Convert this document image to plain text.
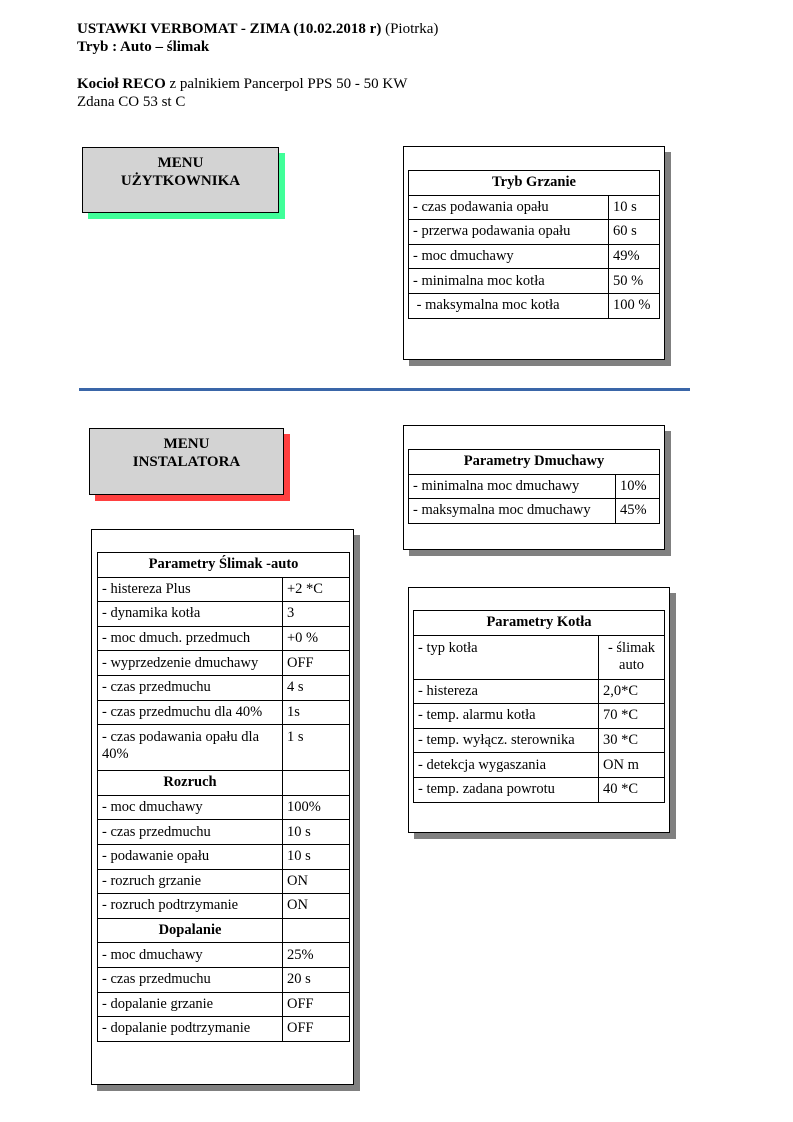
USTAWKI VERBOMAT - ZIMA (10.02.2018 r) (Piotrka)
Tryb : Auto – ślimak
Kocioł RECO z palnikiem Pancerpol PPS 50 - 50 KW
Zdana CO 53 st C
MENU
UŻYTKOWNIKA	Tryb Grzanie	
- czas podawania opału	10 s
- przerwa podawania opału	60 s
- moc dmuchawy	49%
- minimalna moc kotła	50 %
- maksymalna moc kotła	100 %
MENU
INSTALATORA	Parametry Dmuchawy	
- minimalna moc dmuchawy	10%
- maksymalna moc dmuchawy	45%
Parametry Ślimak -auto	
- histereza Plus	+2 *C
- dynamika kotła	3
- moc dmuch. przedmuch	+0 %
- wyprzedzenie dmuchawy	OFF
- czas przedmuchu	4 s
- czas przedmuchu dla 40%	1s
- czas podawania opału dla 40%	1 s
Rozruch	
- moc dmuchawy	100%
- czas przedmuchu	10 s
- podawanie opału	10 s
- rozruch grzanie	ON
- rozruch podtrzymanie	ON
Dopalanie	
- moc dmuchawy	25%
- czas przedmuchu	20 s
- dopalanie grzanie	OFF
- dopalanie podtrzymanie	OFF
Parametry Kotła	
- typ kotła	- ślimak auto
- histereza	2,0*C
- temp. alarmu kotła	70 *C
- temp. wyłącz. sterownika	30 *C
- detekcja wygaszania	ON m
- temp. zadana powrotu	40 *C
